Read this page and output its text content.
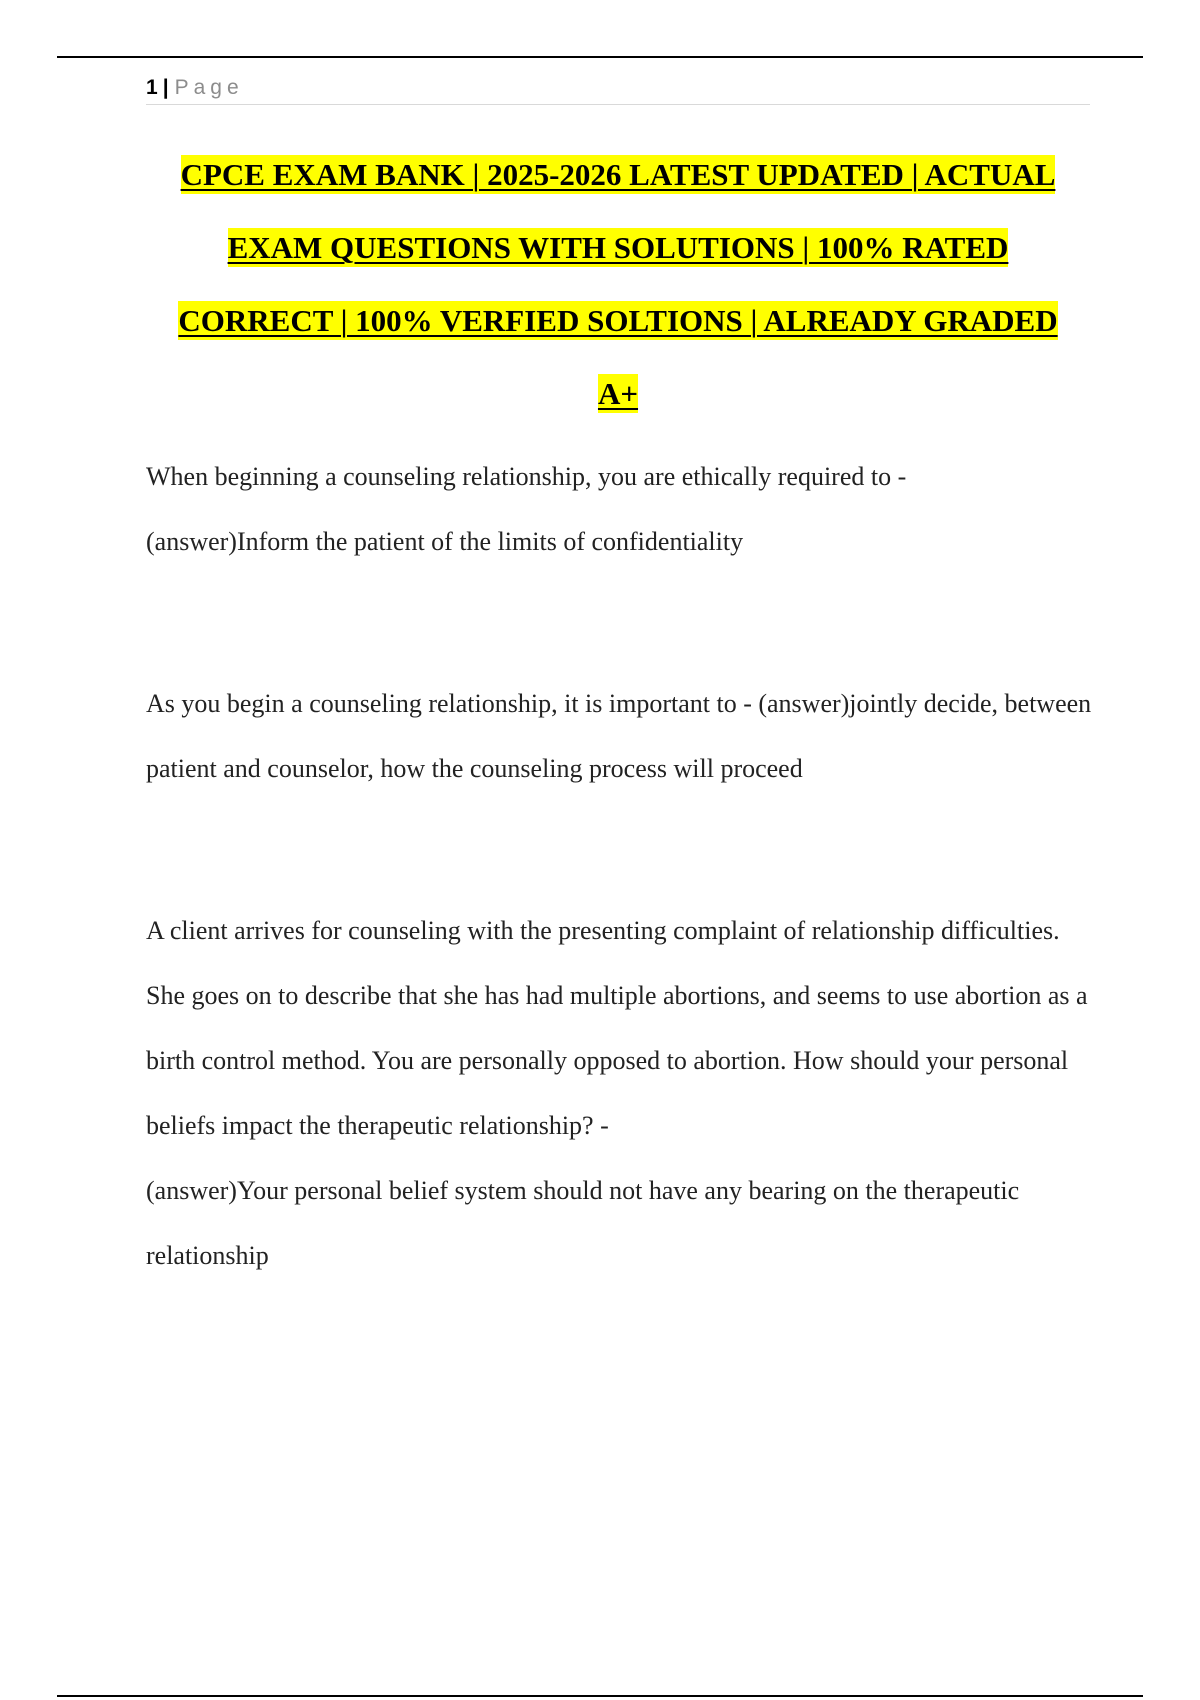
1 | Page
CPCE EXAM BANK | 2025-2026 LATEST UPDATED | ACTUAL
EXAM QUESTIONS WITH SOLUTIONS | 100% RATED
CORRECT | 100% VERFIED SOLTIONS | ALREADY GRADED
A+

When beginning a counseling relationship, you are ethically required to -
(answer)Inform the patient of the limits of confidentiality

As you begin a counseling relationship, it is important to - (answer)jointly decide, between patient and counselor, how the counseling process will proceed

A client arrives for counseling with the presenting complaint of relationship difficulties. She goes on to describe that she has had multiple abortions, and seems to use abortion as a birth control method. You are personally opposed to abortion. How should your personal beliefs impact the therapeutic relationship? -
(answer)Your personal belief system should not have any bearing on the therapeutic relationship
